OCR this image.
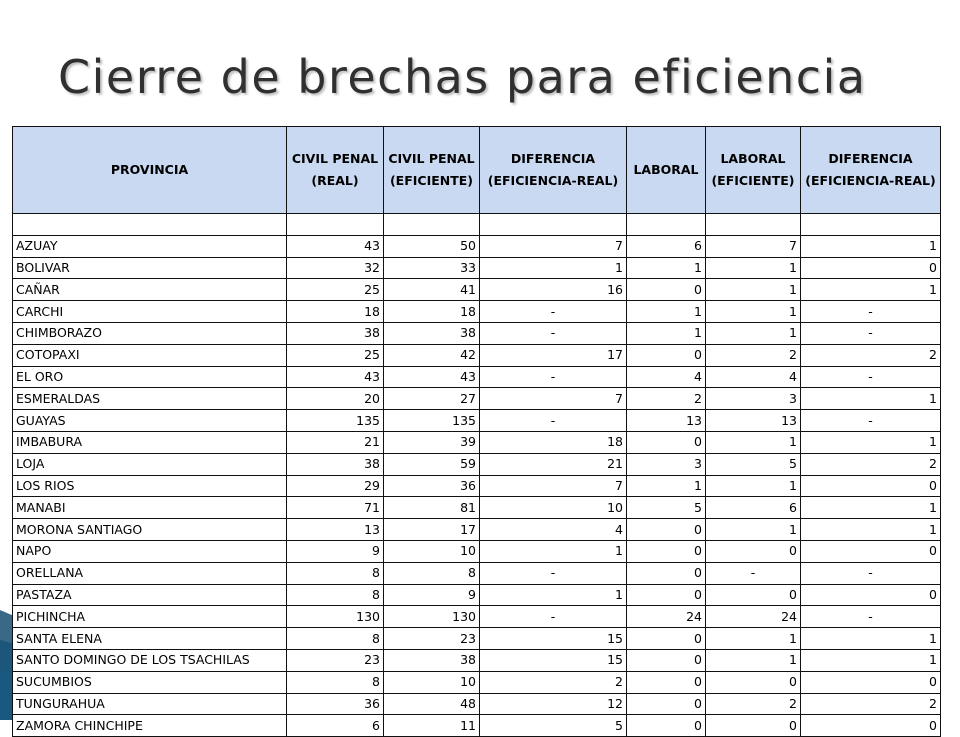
Cierre de brechas para eficiencia
PROVINCIA	CIVIL PENAL (REAL)	CIVIL PENAL (EFICIENTE)	DIFERENCIA (EFICIENCIA-REAL)	LABORAL	LABORAL (EFICIENTE)	DIFERENCIA (EFICIENCIA-REAL)

AZUAY	43	50	7	6	7	1
BOLIVAR	32	33	1	1	1	0
CAÑAR	25	41	16	0	1	1
CARCHI	18	18	-	1	1	-
CHIMBORAZO	38	38	-	1	1	-
COTOPAXI	25	42	17	0	2	2
EL ORO	43	43	-	4	4	-
ESMERALDAS	20	27	7	2	3	1
GUAYAS	135	135	-	13	13	-
IMBABURA	21	39	18	0	1	1
LOJA	38	59	21	3	5	2
LOS RIOS	29	36	7	1	1	0
MANABI	71	81	10	5	6	1
MORONA SANTIAGO	13	17	4	0	1	1
NAPO	9	10	1	0	0	0
ORELLANA	8	8	-	0	-	-
PASTAZA	8	9	1	0	0	0
PICHINCHA	130	130	-	24	24	-
SANTA ELENA	8	23	15	0	1	1
SANTO DOMINGO DE LOS TSACHILAS	23	38	15	0	1	1
SUCUMBIOS	8	10	2	0	0	0
TUNGURAHUA	36	48	12	0	2	2
ZAMORA CHINCHIPE	6	11	5	0	0	0
